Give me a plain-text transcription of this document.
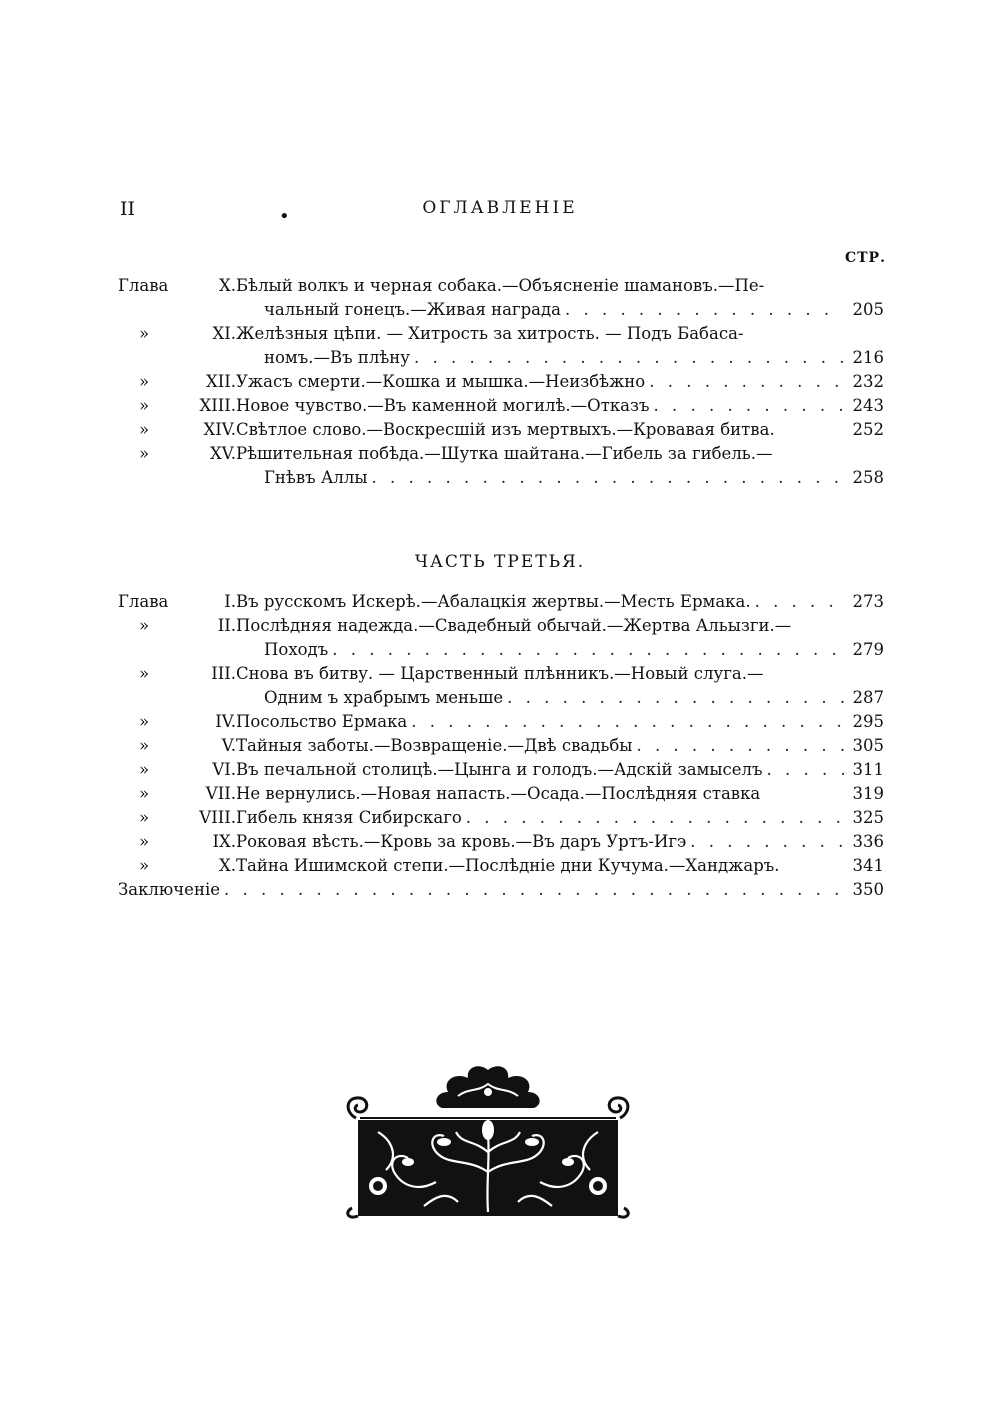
II	•	ОГЛАВЛЕНІЕ
СТР.
Глава	X. Бѣлый волкъ и черная собака.—Объясненіе шамановъ.—Пе-
чальный гонецъ.—Живая награда . . .	205
»	XI. Желѣзныя цѣпи. — Хитрость за хитрость. — Подъ Бабаса-
номъ.—Въ плѣну . . .	216
»	XII. Ужасъ смерти.—Кошка и мышка.—Неизбѣжно . . .	232
»	XIII. Новое чувство.—Въ каменной могилѣ.—Отказъ . . .	243
»	XIV. Свѣтлое слово.—Воскресшій изъ мертвыхъ.—Кровавая битва.	252
»	XV. Рѣшительная побѣда.—Шутка шайтана.—Гибель за гибель.—
Гнѣвъ Аллы . . .	258
ЧАСТЬ ТРЕТЬЯ.
Глава	I. Въ русскомъ Искерѣ.—Абалацкія жертвы.—Месть Ермака. . . .	273
»	II. Послѣдняя надежда.—Свадебный обычай.—Жертва Альызги.—
Походъ . . .	279
»	III. Снова въ битву. — Царственный плѣнникъ.—Новый слуга.—
Одним ъ храбрымъ меньше . . .	287
»	IV. Посольство Ермака . . .	295
»	V. Тайныя заботы.—Возвращеніе.—Двѣ свадьбы . . .	305
»	VI. Въ печальной столицѣ.—Цынга и голодъ.—Адскій замыселъ . . .	311
»	VII. Не вернулись.—Новая напасть.—Осада.—Послѣдняя ставка	319
»	VIII. Гибель князя Сибирскаго . . .	325
»	IX. Роковая вѣсть.—Кровь за кровь.—Въ даръ Уртъ-Игэ . . .	336
»	X. Тайна Ишимской степи.—Послѣдніе дни Кучума.—Ханджаръ.	341
Заключеніе . . .	350
